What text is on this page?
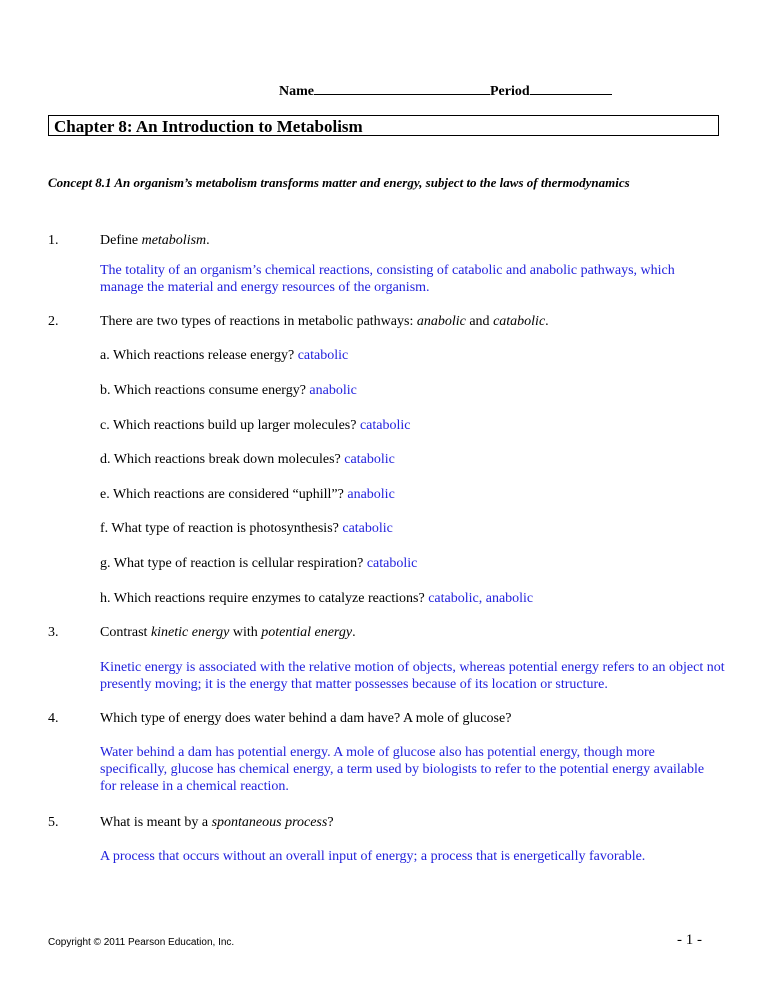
Name	Period
Chapter 8: An Introduction to Metabolism
Concept 8.1 An organism’s metabolism transforms matter and energy, subject to the laws of thermodynamics
1.	Define metabolism.
The totality of an organism’s chemical reactions, consisting of catabolic and anabolic pathways, which manage the material and energy resources of the organism.
2.	There are two types of reactions in metabolic pathways: anabolic and catabolic.
a. Which reactions release energy? catabolic
b. Which reactions consume energy? anabolic
c. Which reactions build up larger molecules? catabolic
d. Which reactions break down molecules? catabolic
e. Which reactions are considered “uphill”? anabolic
f. What type of reaction is photosynthesis? catabolic
g. What type of reaction is cellular respiration? catabolic
h. Which reactions require enzymes to catalyze reactions? catabolic, anabolic
3.	Contrast kinetic energy with potential energy.
Kinetic energy is associated with the relative motion of objects, whereas potential energy refers to an object not presently moving; it is the energy that matter possesses because of its location or structure.
4.	Which type of energy does water behind a dam have? A mole of glucose?
Water behind a dam has potential energy. A mole of glucose also has potential energy, though more specifically, glucose has chemical energy, a term used by biologists to refer to the potential energy available for release in a chemical reaction.
5.	What is meant by a spontaneous process?
A process that occurs without an overall input of energy; a process that is energetically favorable.
Copyright © 2011 Pearson Education, Inc.	- 1 -
